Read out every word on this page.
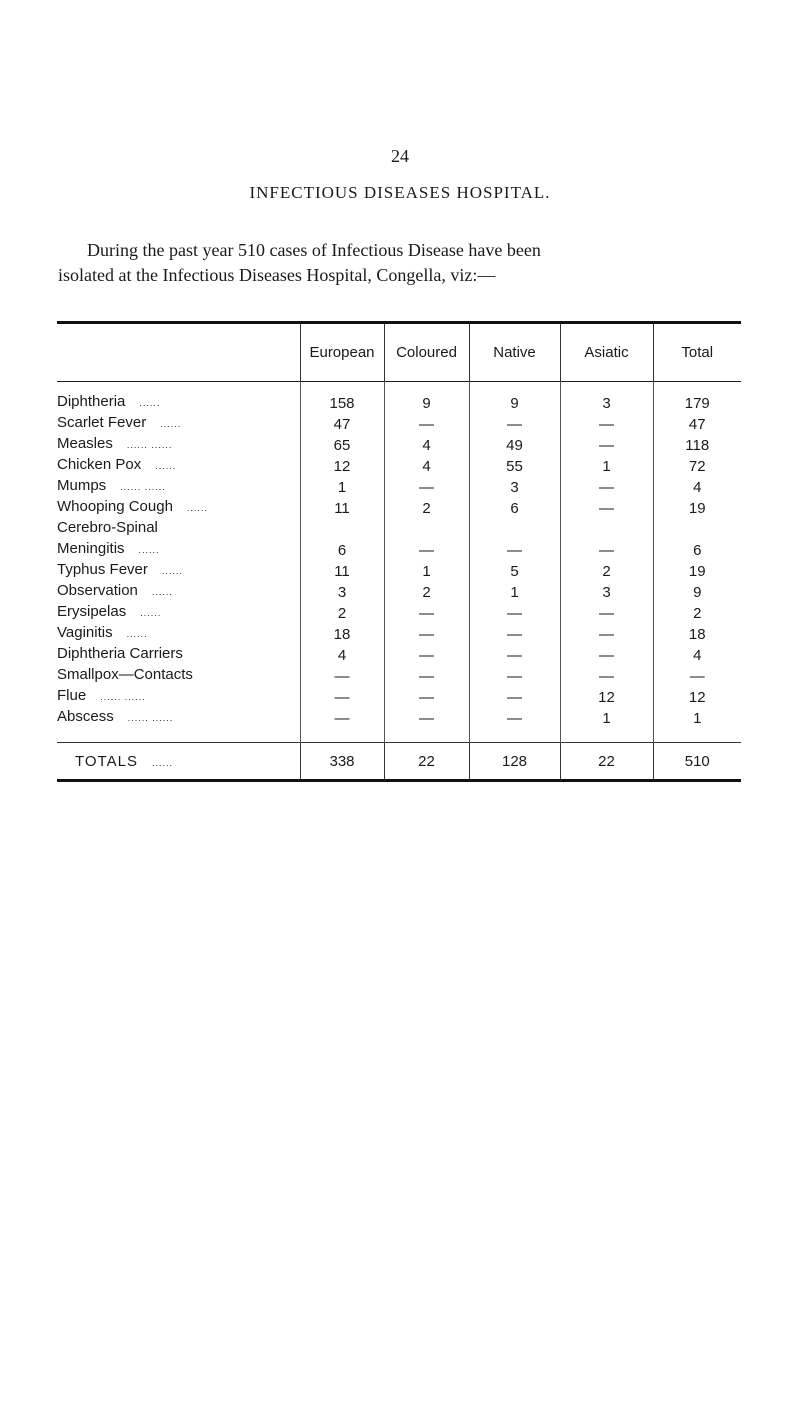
24
INFECTIOUS DISEASES HOSPITAL.
During the past year 510 cases of Infectious Disease have been
isolated at the Infectious Diseases Hospital, Congella, viz:—
	European	Coloured	Native	Asiatic	Total
Diphtheria ......	158	9	9	3	179
Scarlet Fever ......	47	—	—	—	47
Measles ...... ......	65	4	49	—	118
Chicken Pox ......	12	4	55	1	72
Mumps ...... ......	1	—	3	—	4
Whooping Cough ......	11	2	6	—	19
Cerebro-Spinal					
Meningitis ......	6	—	—	—	6
Typhus Fever ......	11	1	5	2	19
Observation ......	3	2	1	3	9
Erysipelas ......	2	—	—	—	2
Vaginitis ......	18	—	—	—	18
Diphtheria Carriers	4	—	—	—	4
Smallpox—Contacts	—	—	—	—	—
Flue ...... ......	—	—	—	12	12
Abscess ...... ......	—	—	—	1	1
TOTALS ......	338	22	128	22	510
